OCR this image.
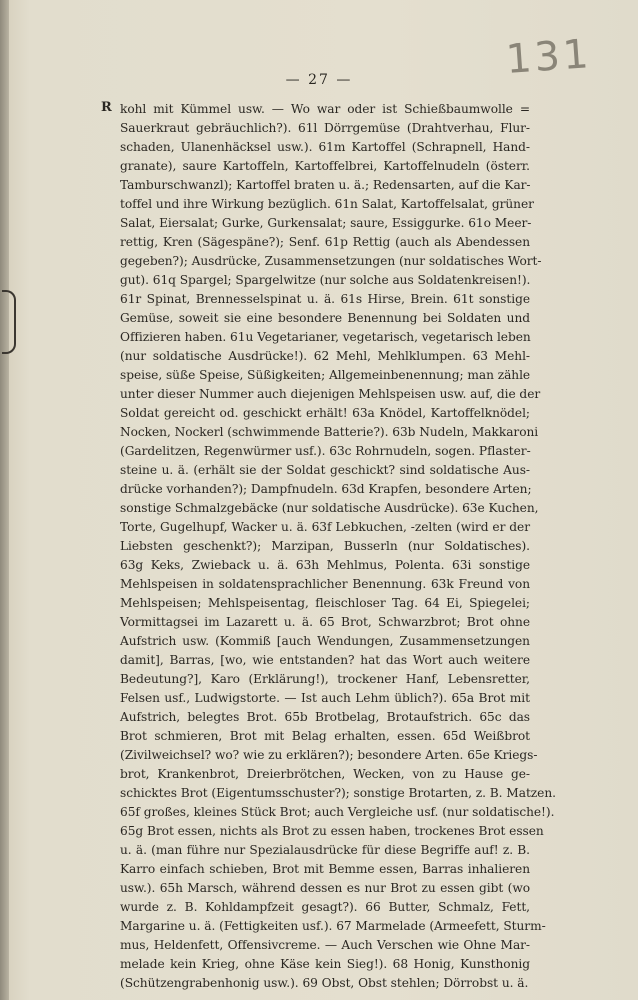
131
— 27 —
R kohl mit Kümmel usw. — Wo war oder ist Schießbaumwolle =
Sauerkraut gebräuchlich?). 61l Dörrgemüse (Drahtverhau, Flur-
schaden, Ulanenhäcksel usw.). 61m Kartoffel (Schrapnell, Hand-
granate), saure Kartoffeln, Kartoffelbrei, Kartoffelnudeln (österr.
Tamburschwanzl); Kartoffel braten u. ä.; Redensarten, auf die Kar-
toffel und ihre Wirkung bezüglich. 61n Salat, Kartoffelsalat, grüner
Salat, Eiersalat; Gurke, Gurkensalat; saure, Essiggurke. 61o Meer-
rettig, Kren (Sägespäne?); Senf. 61p Rettig (auch als Abendessen
gegeben?); Ausdrücke, Zusammensetzungen (nur soldatisches Wort-
gut). 61q Spargel; Spargelwitze (nur solche aus Soldatenkreisen!).
61r Spinat, Brennesselspinat u. ä. 61s Hirse, Brein. 61t sonstige
Gemüse, soweit sie eine besondere Benennung bei Soldaten und
Offizieren haben. 61u Vegetarianer, vegetarisch, vegetarisch leben
(nur soldatische Ausdrücke!). 62 Mehl, Mehlklumpen. 63 Mehl-
speise, süße Speise, Süßigkeiten; Allgemeinbenennung; man zähle
unter dieser Nummer auch diejenigen Mehlspeisen usw. auf, die der
Soldat gereicht od. geschickt erhält! 63a Knödel, Kartoffelknödel;
Nocken, Nockerl (schwimmende Batterie?). 63b Nudeln, Makkaroni
(Gardelitzen, Regenwürmer usf.). 63c Rohrnudeln, sogen. Pflaster-
steine u. ä. (erhält sie der Soldat geschickt? sind soldatische Aus-
drücke vorhanden?); Dampfnudeln. 63d Krapfen, besondere Arten;
sonstige Schmalzgebäcke (nur soldatische Ausdrücke). 63e Kuchen,
Torte, Gugelhupf, Wacker u. ä. 63f Lebkuchen, -zelten (wird er der
Liebsten geschenkt?); Marzipan, Busserln (nur Soldatisches).
63g Keks, Zwieback u. ä. 63h Mehlmus, Polenta. 63i sonstige
Mehlspeisen in soldatensprachlicher Benennung. 63k Freund von
Mehlspeisen; Mehlspeisentag, fleischloser Tag. 64 Ei, Spiegelei;
Vormittagsei im Lazarett u. ä. 65 Brot, Schwarzbrot; Brot ohne
Aufstrich usw. (Kommiß [auch Wendungen, Zusammensetzungen
damit], Barras, [wo, wie entstanden? hat das Wort auch weitere
Bedeutung?], Karo (Erklärung!), trockener Hanf, Lebensretter,
Felsen usf., Ludwigstorte. — Ist auch Lehm üblich?). 65a Brot mit
Aufstrich, belegtes Brot. 65b Brotbelag, Brotaufstrich. 65c das
Brot schmieren, Brot mit Belag erhalten, essen. 65d Weißbrot
(Zivilweichsel? wo? wie zu erklären?); besondere Arten. 65e Kriegs-
brot, Krankenbrot, Dreierbrötchen, Wecken, von zu Hause ge-
schicktes Brot (Eigentumsschuster?); sonstige Brotarten, z. B. Matzen.
65f großes, kleines Stück Brot; auch Vergleiche usf. (nur soldatische!).
65g Brot essen, nichts als Brot zu essen haben, trockenes Brot essen
u. ä. (man führe nur Spezialausdrücke für diese Begriffe auf! z. B.
Karro einfach schieben, Brot mit Bemme essen, Barras inhalieren
usw.). 65h Marsch, während dessen es nur Brot zu essen gibt (wo
wurde z. B. Kohldampfzeit gesagt?). 66 Butter, Schmalz, Fett,
Margarine u. ä. (Fettigkeiten usf.). 67 Marmelade (Armeefett, Sturm-
mus, Heldenfett, Offensivcreme. — Auch Verschen wie Ohne Mar-
melade kein Krieg, ohne Käse kein Sieg!). 68 Honig, Kunsthonig
(Schützengrabenhonig usw.). 69 Obst, Obst stehlen; Dörrobst u. ä.
